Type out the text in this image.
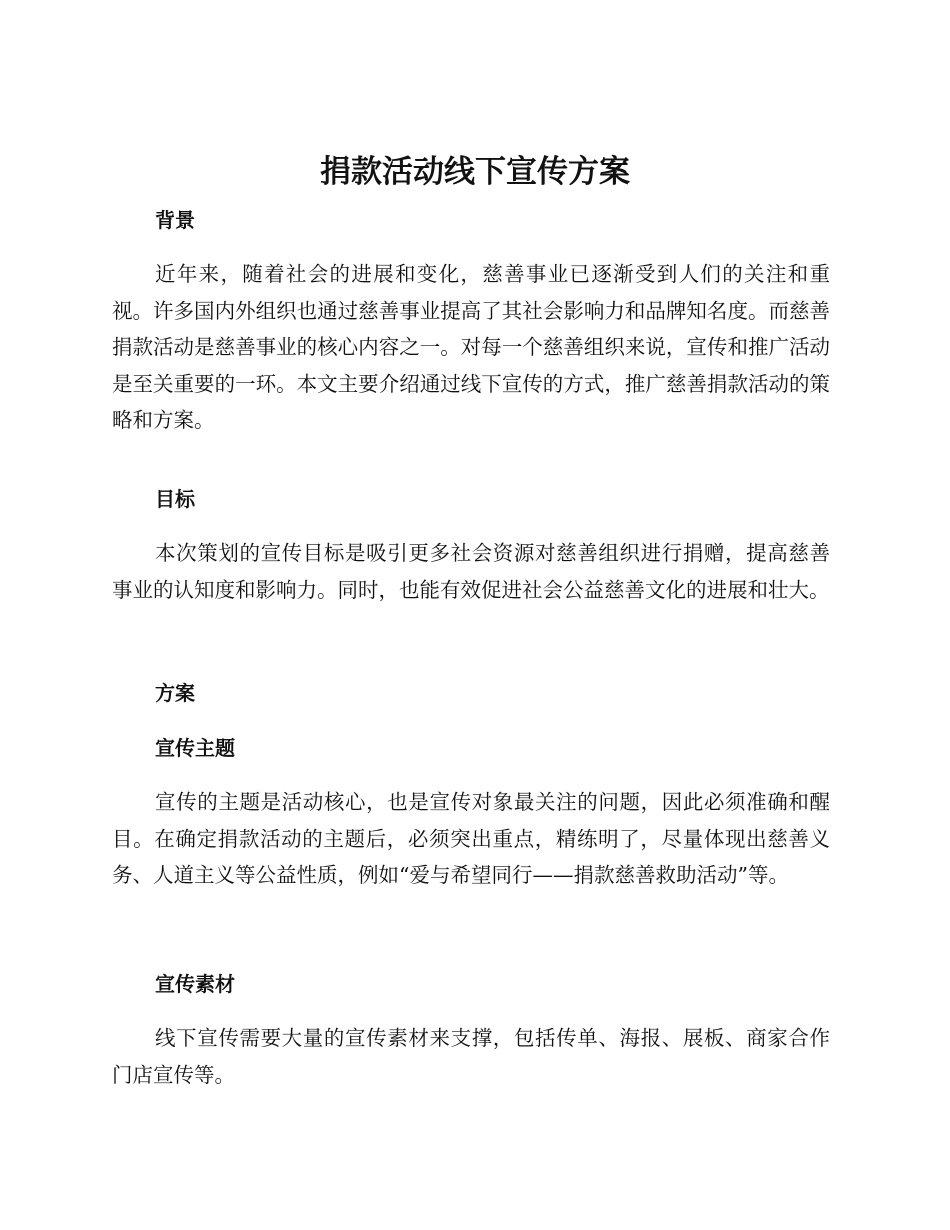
捐款活动线下宣传方案
背景

近年来，随着社会的进展和变化，慈善事业已逐渐受到人们的关注和重视。许多国内外组织也通过慈善事业提高了其社会影响力和品牌知名度。而慈善捐款活动是慈善事业的核心内容之一。对每一个慈善组织来说，宣传和推广活动是至关重要的一环。本文主要介绍通过线下宣传的方式，推广慈善捐款活动的策略和方案。

目标

本次策划的宣传目标是吸引更多社会资源对慈善组织进行捐赠，提高慈善事业的认知度和影响力。同时，也能有效促进社会公益慈善文化的进展和壮大。

方案
宣传主题

宣传的主题是活动核心，也是宣传对象最关注的问题，因此必须准确和醒目。在确定捐款活动的主题后，必须突出重点，精练明了，尽量体现出慈善义务、人道主义等公益性质，例如“爱与希望同行——捐款慈善救助活动”等。

宣传素材

线下宣传需要大量的宣传素材来支撑，包括传单、海报、展板、商家合作门店宣传等。
